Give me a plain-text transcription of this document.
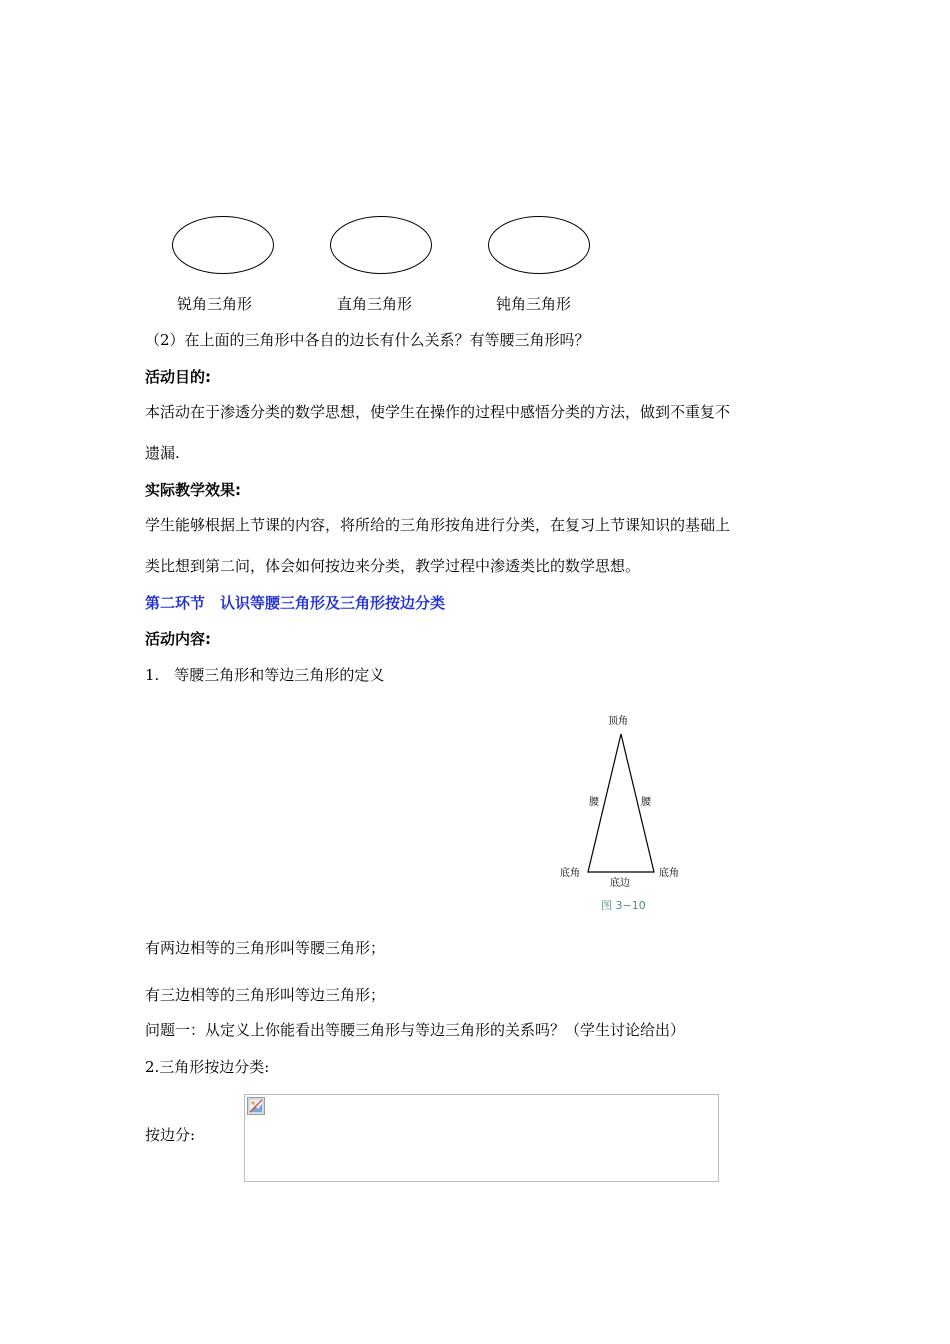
锐角三角形	直角三角形	钝角三角形
（2）在上面的三角形中各自的边长有什么关系？有等腰三角形吗？
活动目的:
本活动在于渗透分类的数学思想，使学生在操作的过程中感悟分类的方法，做到不重复不
遗漏.
实际教学效果:
学生能够根据上节课的内容，将所给的三角形按角进行分类，在复习上节课知识的基础上
类比想到第二问，体会如何按边来分类，教学过程中渗透类比的数学思想。
第二环节　认识等腰三角形及三角形按边分类
活动内容:
1.　等腰三角形和等边三角形的定义
顶角
腰	腰
底角	底角
底边
图 3−10
有两边相等的三角形叫等腰三角形；
有三边相等的三角形叫等边三角形；
问题一：从定义上你能看出等腰三角形与等边三角形的关系吗？（学生讨论给出）
2.三角形按边分类:
按边分:
